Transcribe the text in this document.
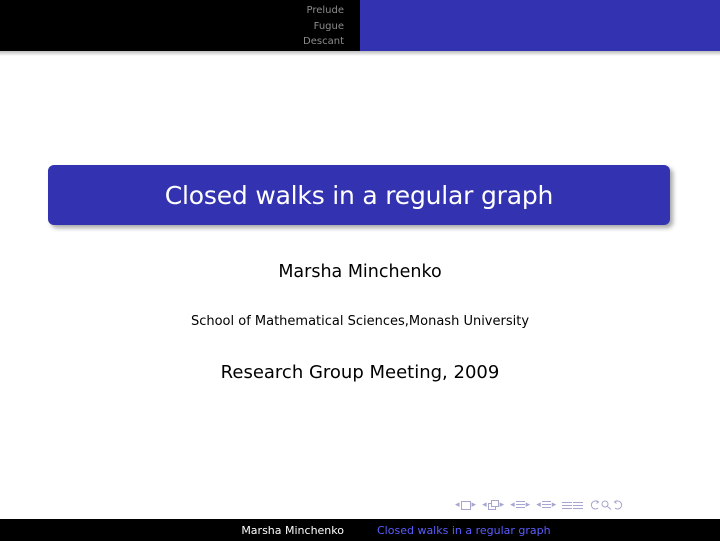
Prelude
Fugue
Descant
Closed walks in a regular graph
Marsha Minchenko
School of Mathematical Sciences,Monash University
Research Group Meeting, 2009
◂ ▸ ◂ ▸ ◂ ▸ ◂ ▸
Marsha Minchenko	Closed walks in a regular graph
